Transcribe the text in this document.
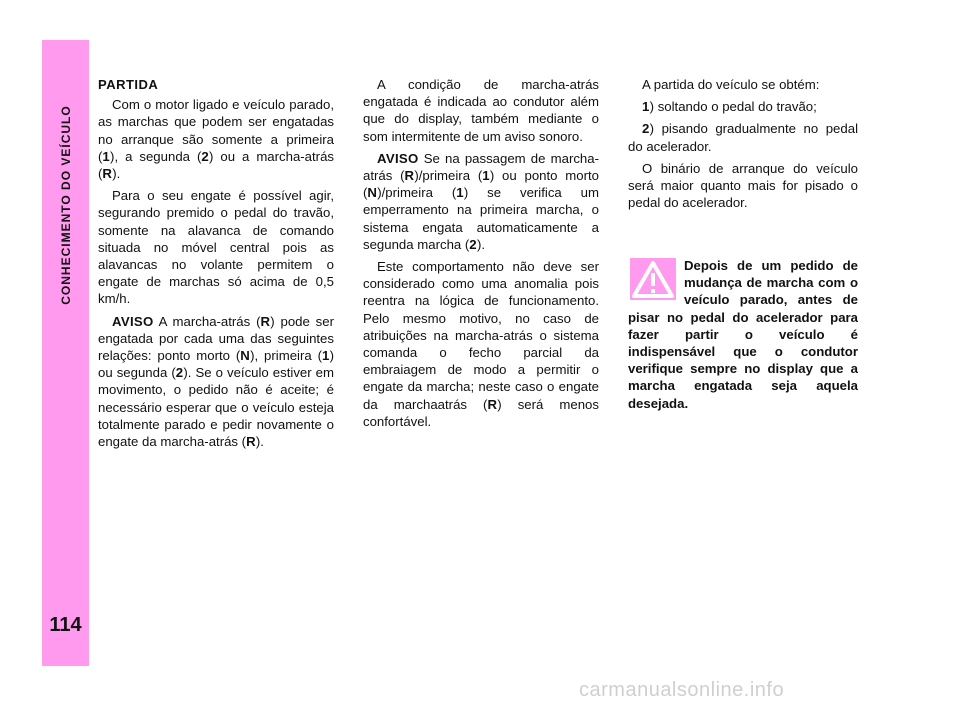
CONHECIMENTO DO VEÍCULO
114
PARTIDA

Com o motor ligado e veículo parado, as marchas que podem ser engatadas no arranque são somente a primeira (1), a segunda (2) ou a marcha-atrás (R).

Para o seu engate é possível agir, segurando premido o pedal do travão, somente na alavanca de comando situada no móvel central pois as alavancas no volante permitem o engate de marchas só acima de 0,5 km/h.

AVISO A marcha-atrás (R) pode ser engatada por cada uma das seguintes relações: ponto morto (N), primeira (1) ou segunda (2). Se o veículo estiver em movimento, o pedido não é aceite; é necessário esperar que o veículo esteja totalmente parado e pedir novamente o engate da marcha-atrás (R).

A condição de marcha-atrás engatada é indicada ao condutor além que do display, também mediante o som intermitente de um aviso sonoro.

AVISO Se na passagem de marcha-atrás (R)/primeira (1) ou ponto morto (N)/primeira (1) se verifica um emperramento na primeira marcha, o sistema engata automaticamente a segunda marcha (2).

Este comportamento não deve ser considerado como uma anomalia pois reentra na lógica de funcionamento. Pelo mesmo motivo, no caso de atribuições na marcha-atrás o sistema comanda o fecho parcial da embraiagem de modo a permitir o engate da marcha; neste caso o engate da marchaatrás (R) será menos confortável.

A partida do veículo se obtém:

1) soltando o pedal do travão;

2) pisando gradualmente no pedal do acelerador.

O binário de arranque do veículo será maior quanto mais for pisado o pedal do acelerador.

Depois de um pedido de mudança de marcha com o veículo parado, antes de pisar no pedal do acelerador para fazer partir o veículo é indispensável que o condutor verifique sempre no display que a marcha engatada seja aquela desejada.
carmanualsonline.info
